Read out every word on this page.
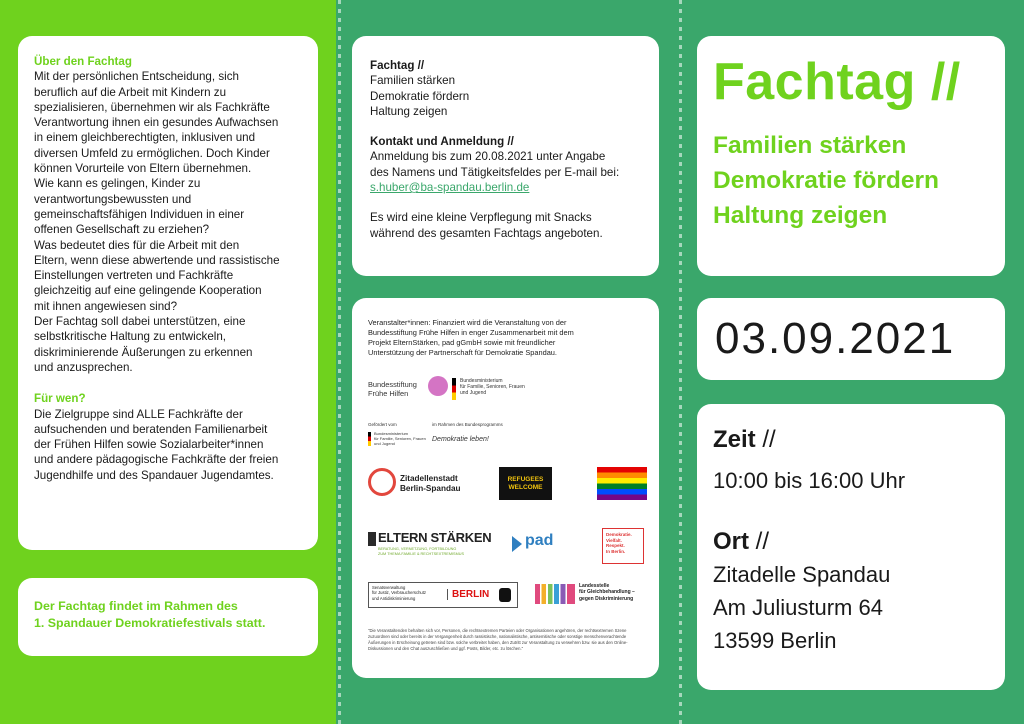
Über den Fachtag

Mit der persönlichen Entscheidung, sich
beruflich auf die Arbeit mit Kindern zu
spezialisieren, übernehmen wir als Fachkräfte
Verantwortung ihnen ein gesundes Aufwachsen
in einem gleichberechtigten, inklusiven und
diversen Umfeld zu ermöglichen. Doch Kinder
können Vorurteile von Eltern übernehmen.
Wie kann es gelingen, Kinder zu
verantwortungsbewussten und
gemeinschaftsfähigen Individuen in einer
offenen Gesellschaft zu erziehen?
Was bedeutet dies für die Arbeit mit den
Eltern, wenn diese abwertende und rassistische
Einstellungen vertreten und Fachkräfte
gleichzeitig auf eine gelingende Kooperation
mit ihnen angewiesen sind?
Der Fachtag soll dabei unterstützen, eine
selbstkritische Haltung zu entwickeln,
diskriminierende Äußerungen zu erkennen
und anzusprechen.

Für wen?

Die Zielgruppe sind ALLE Fachkräfte der
aufsuchenden und beratenden Familienarbeit
der Frühen Hilfen sowie Sozialarbeiter*innen
und andere pädagogische Fachkräfte der freien
Jugendhilfe und des Spandauer Jugendamtes.

Der Fachtag findet im Rahmen des
1. Spandauer Demokratiefestivals statt.

Fachtag //

Familien stärken
Demokratie fördern
Haltung zeigen

Kontakt und Anmeldung //

Anmeldung bis zum 20.08.2021 unter Angabe
des Namens und Tätigkeitsfeldes per E-mail bei:

s.huber@ba-spandau.berlin.de

Es wird eine kleine Verpflegung mit Snacks
während des gesamten Fachtags angeboten.

Veranstalter*innen: Finanziert wird die Veranstaltung von der
Bundesstiftung Frühe Hilfen in enger Zusammenarbeit mit dem
Projekt ElternStärken, pad gGmbH sowie mit freundlicher
Unterstützung der Partnerschaft für Demokratie Spandau.

Bundesstiftung
Frühe Hilfen
Bundesministerium
für Familie, Senioren, Frauen
und Jugend
Gefördert vom
Bundesministerium
für Familie, Senioren, Frauen
und Jugend
im Rahmen des Bundesprogramms
Demokratie leben!
Zitadellenstadt
Berlin-Spandau
REFUGEES
WELCOME
ELTERN STÄRKEN
BERATUNG, VERNETZUNG, FORTBILDUNG
ZUM THEMA FAMILIE & RECHTSEXTREMISMUS
pad	Demokratie.
Vielfalt.
Respekt.
In Berlin.
Senatsverwaltung
für Justiz, Verbraucherschutz
und Antidiskriminierung	BERLIN
Landesstelle
für Gleichbehandlung –
gegen Diskriminierung

"Die Veranstaltenden behalten sich vor, Personen, die rechtsextremen Parteien oder Organisationen angehören, der rechtsextremen Szene zuzuordnen sind oder bereits in der Vergangenheit durch rassistische, nationalistische, antisemitische oder sonstige menschenverachtende Äußerungen in Erscheinung getreten sind bzw. solche verbreitet haben, den Zutritt zur Veranstaltung zu verwehren bzw. sie aus den Online-Diskussionen und den Chat auszuschließen und ggf. Posts, Bilder, etc. zu löschen."

Fachtag //
Familien stärken
Demokratie fördern
Haltung zeigen
03.09.2021
Zeit //
10:00 bis 16:00 Uhr
Ort //
Zitadelle Spandau
Am Juliusturm 64
13599 Berlin
